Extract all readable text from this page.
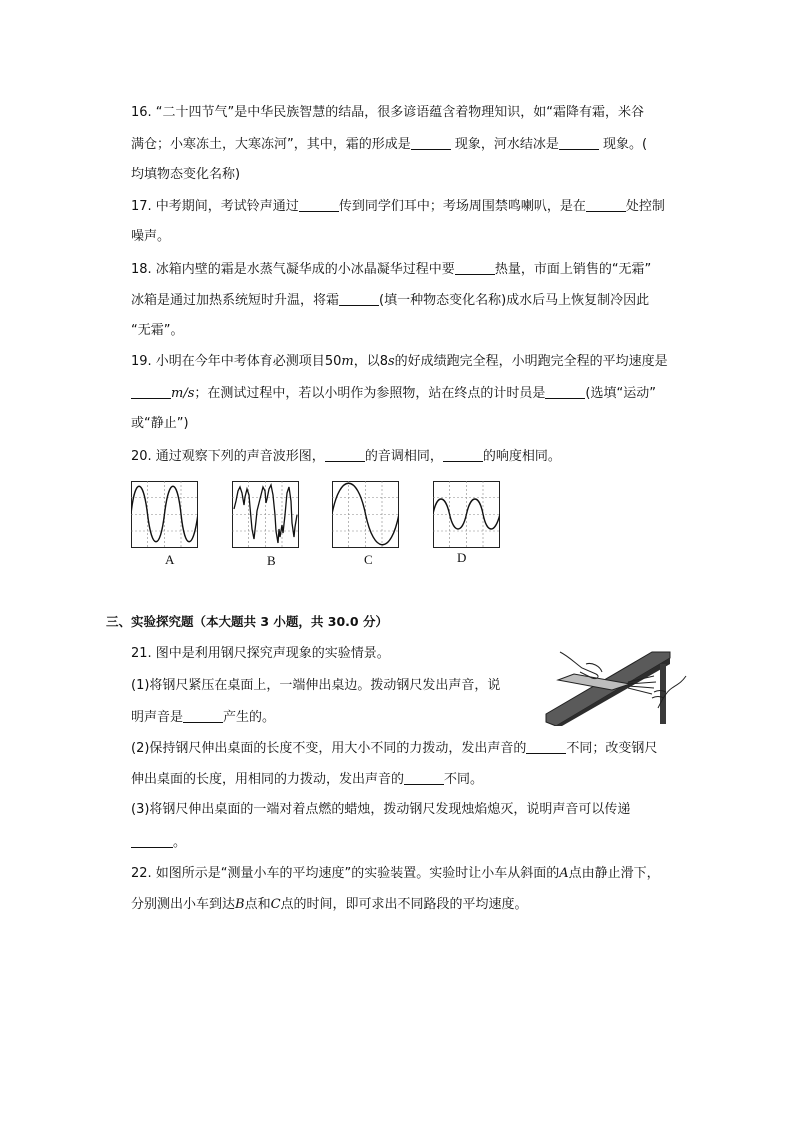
16. “二十四节气”是中华民族智慧的结晶，很多谚语蕴含着物理知识，如“霜降有霜，米谷
满仓；小寒冻土，大寒冻河”，其中，霜的形成是	现象，河水结冰是	现象。(
均填物态变化名称)
17. 中考期间，考试铃声通过	传到同学们耳中；考场周围禁鸣喇叭，是在	处控制
噪声。
18. 冰箱内壁的霜是水蒸气凝华成的小冰晶凝华过程中要	热量，市面上销售的“无霜”
冰箱是通过加热系统短时升温，将霜	(填一种物态变化名称)成水后马上恢复制冷因此
“无霜”。
19. 小明在今年中考体育必测项目50m，以8s的好成绩跑完全程，小明跑完全程的平均速度是
m/s；在测试过程中，若以小明作为参照物，站在终点的计时员是	(选填“运动”
或“静止”)
20. 通过观察下列的声音波形图，	的音调相同，	的响度相同。
A	B	C	D
三、实验探究题（本大题共 3 小题，共 30.0 分）
21. 图中是利用钢尺探究声现象的实验情景。
(1)将钢尺紧压在桌面上，一端伸出桌边。拨动钢尺发出声音，说
明声音是	产生的。
(2)保持钢尺伸出桌面的长度不变，用大小不同的力拨动，发出声音的	不同；改变钢尺
伸出桌面的长度，用相同的力拨动，发出声音的	不同。
(3)将钢尺伸出桌面的一端对着点燃的蜡烛，拨动钢尺发现烛焰熄灭，说明声音可以传递
。
22. 如图所示是“测量小车的平均速度”的实验装置。实验时让小车从斜面的A点由静止滑下，
分别测出小车到达B点和C点的时间，即可求出不同路段的平均速度。
